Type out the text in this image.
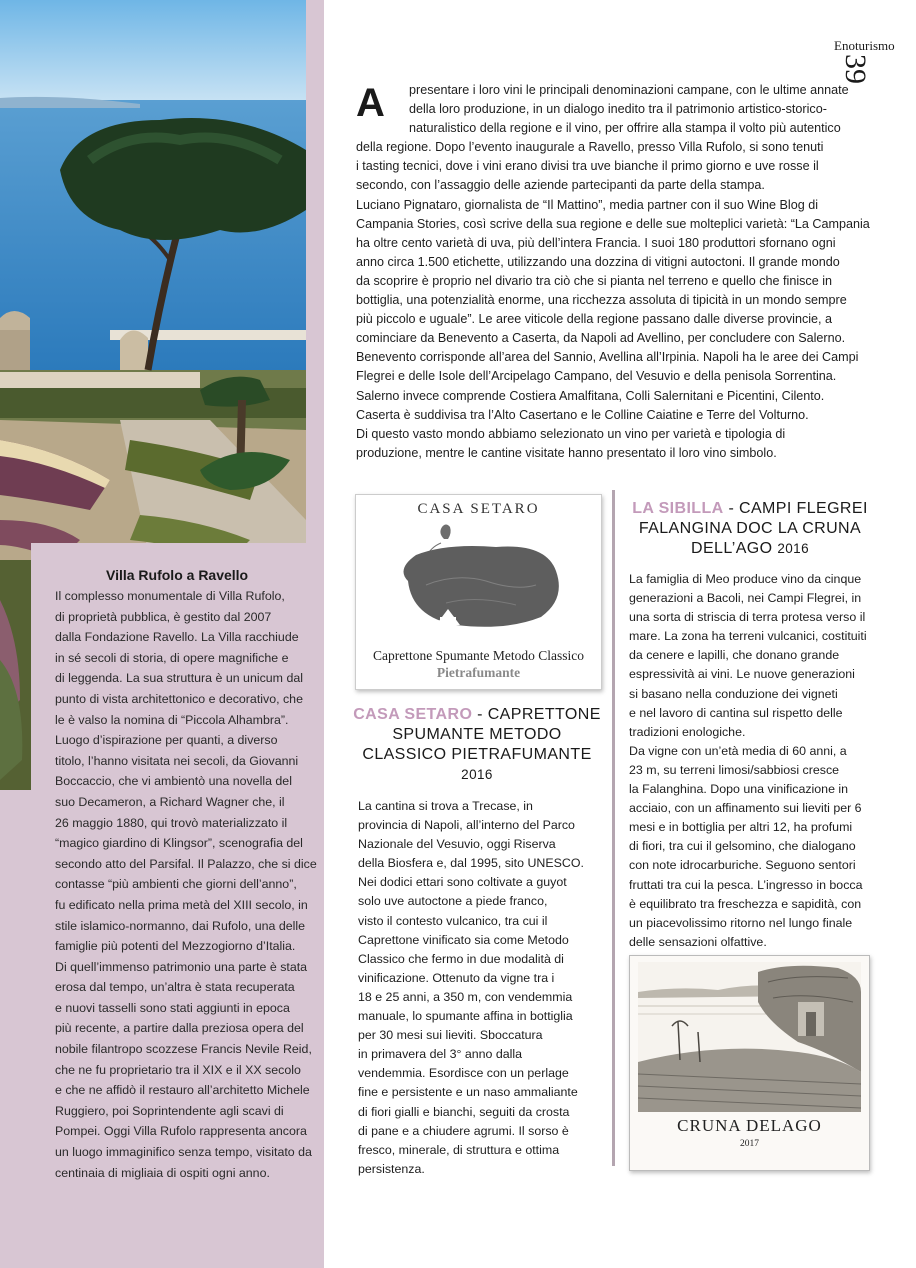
Villa Rufolo a Ravello
Il complesso monumentale di Villa Rufolo,
di proprietà pubblica, è gestito dal 2007
dalla Fondazione Ravello. La Villa racchiude
in sé secoli di storia, di opere magnifiche e
di leggenda. La sua struttura è un unicum dal
punto di vista architettonico e decorativo, che
le è valso la nomina di “Piccola Alhambra”.
Luogo d’ispirazione per quanti, a diverso
titolo, l’hanno visitata nei secoli, da Giovanni
Boccaccio, che vi ambientò una novella del
suo Decameron, a Richard Wagner che, il
26 maggio 1880, qui trovò materializzato il
“magico giardino di Klingsor”, scenografia del
secondo atto del Parsifal. Il Palazzo, che si dice
contasse “più ambienti che giorni dell’anno”,
fu edificato nella prima metà del XIII secolo, in
stile islamico-normanno, dai Rufolo, una delle
famiglie più potenti del Mezzogiorno d’Italia.
Di quell’immenso patrimonio una parte è stata
erosa dal tempo, un’altra è stata recuperata
e nuovi tasselli sono stati aggiunti in epoca
più recente, a partire dalla preziosa opera del
nobile filantropo scozzese Francis Nevile Reid,
che ne fu proprietario tra il XIX e il XX secolo
e che ne affidò il restauro all’architetto Michele
Ruggiero, poi Soprintendente agli scavi di
Pompei. Oggi Villa Rufolo rappresenta ancora
un luogo immaginifico senza tempo, visitato da
centinaia di migliaia di ospiti ogni anno.
Enoturismo
39
A	presentare i loro vini le principali denominazioni campane, con le ultime annate
della loro produzione, in un dialogo inedito tra il patrimonio artistico-storico-
naturalistico della regione e il vino, per offrire alla stampa il volto più autentico
della regione. Dopo l’evento inaugurale a Ravello, presso Villa Rufolo, si sono tenuti
i tasting tecnici, dove i vini erano divisi tra uve bianche il primo giorno e uve rosse il
secondo, con l’assaggio delle aziende partecipanti da parte della stampa.
Luciano Pignataro, giornalista de “Il Mattino”, media partner con il suo Wine Blog di
Campania Stories, così scrive della sua regione e delle sue molteplici varietà: “La Campania
ha oltre cento varietà di uva, più dell’intera Francia. I suoi 180 produttori sfornano ogni
anno circa 1.500 etichette, utilizzando una dozzina di vitigni autoctoni. Il grande mondo
da scoprire è proprio nel divario tra ciò che si pianta nel terreno e quello che finisce in
bottiglia, una potenzialità enorme, una ricchezza assoluta di tipicità in un mondo sempre
più piccolo e uguale”. Le aree viticole della regione passano dalle diverse provincie, a
cominciare da Benevento a Caserta, da Napoli ad Avellino, per concludere con Salerno.
Benevento corrisponde all’area del Sannio, Avellina all’Irpinia. Napoli ha le aree dei Campi
Flegrei e delle Isole dell’Arcipelago Campano, del Vesuvio e della penisola Sorrentina.
Salerno invece comprende Costiera Amalfitana, Colli Salernitani e Picentini, Cilento.
Caserta è suddivisa tra l’Alto Casertano e le Colline Caiatine e Terre del Volturno.
Di questo vasto mondo abbiamo selezionato un vino per varietà e tipologia di
produzione, mentre le cantine visitate hanno presentato il loro vino simbolo.
CASA SETARO
Caprettone Spumante Metodo Classico
Pietrafumante
CASA SETARO - CAPRETTONE
SPUMANTE METODO
CLASSICO PIETRAFUMANTE
2016
La cantina si trova a Trecase, in
provincia di Napoli, all’interno del Parco
Nazionale del Vesuvio, oggi Riserva
della Biosfera e, dal 1995, sito UNESCO.
Nei dodici ettari sono coltivate a guyot
solo uve autoctone a piede franco,
visto il contesto vulcanico, tra cui il
Caprettone vinificato sia come Metodo
Classico che fermo in due modalità di
vinificazione. Ottenuto da vigne tra i
18 e 25 anni, a 350 m, con vendemmia
manuale, lo spumante affina in bottiglia
per 30 mesi sui lieviti. Sboccatura
in primavera del 3° anno dalla
vendemmia. Esordisce con un perlage
fine e persistente e un naso ammaliante
di fiori gialli e bianchi, seguiti da crosta
di pane e a chiudere agrumi. Il sorso è
fresco, minerale, di struttura e ottima
persistenza.
LA SIBILLA - CAMPI FLEGREI
FALANGINA DOC LA CRUNA
DELL’AGO 2016
La famiglia di Meo produce vino da cinque
generazioni a Bacoli, nei Campi Flegrei, in
una sorta di striscia di terra protesa verso il
mare. La zona ha terreni vulcanici, costituiti
da cenere e lapilli, che donano grande
espressività ai vini. Le nuove generazioni
si basano nella conduzione dei vigneti
e nel lavoro di cantina sul rispetto delle
tradizioni enologiche.
Da vigne con un’età media di 60 anni, a
23 m, su terreni limosi/sabbiosi cresce
la Falanghina. Dopo una vinificazione in
acciaio, con un affinamento sui lieviti per 6
mesi e in bottiglia per altri 12, ha profumi
di fiori, tra cui il gelsomino, che dialogano
con note idrocarburiche. Seguono sentori
fruttati tra cui la pesca. L’ingresso in bocca
è equilibrato tra freschezza e sapidità, con
un piacevolissimo ritorno nel lungo finale
delle sensazioni olfattive.
CRUNA DELAGO
2017
